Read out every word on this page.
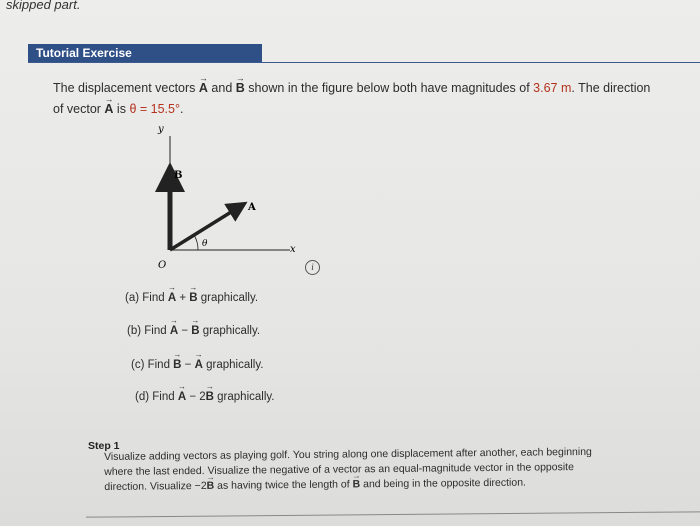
skipped part.
Tutorial Exercise
The displacement vectors → A and → B shown in the figure below both have magnitudes of 3.67 m. The direction
of vector → A is θ = 15.5°.
y
x
O
A
B
θ
i
(a) Find → A + → B graphically.
(b) Find → A − → B graphically.
(c) Find → B − → A graphically.
(d) Find → A − 2→ B graphically.
Step 1
Visualize adding vectors as playing golf. You string along one displacement after another, each beginning
where the last ended. Visualize the negative of a vector as an equal-magnitude vector in the opposite
direction. Visualize −2→ B as having twice the length of → B and being in the opposite direction.
